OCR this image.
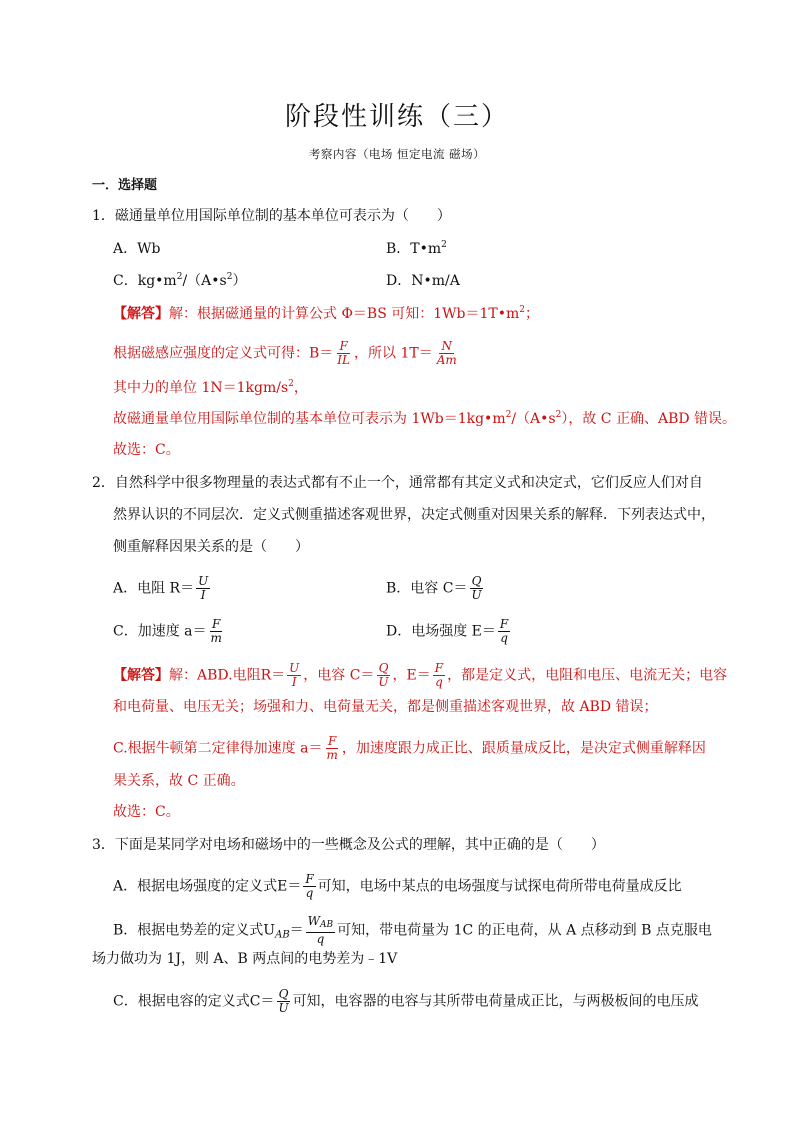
阶段性训练（三）
考察内容（电场 恒定电流 磁场）
一．选择题
1．磁通量单位用国际单位制的基本单位可表示为（　　）
A．Wb	B．$T•m^2$
C．$kg•m^2/(A•s^2)$	D．N•m/A
【解答】解：根据磁通量的计算公式 Φ＝BS 可知：$1Wb=1T•m^2$；
根据磁感应强度的定义式可得：$B= \frac{F}{IL}$ ，所以 $1T= \frac{N}{Am}$
其中力的单位 $1N=1kgm/s^2$，
故磁通量单位用国际单位制的基本单位可表示为 $1Wb=1kg•m^2/(A•s^2)$，故 C 正确、ABD 错误。
故选：C。
2．自然科学中很多物理量的表达式都有不止一个，通常都有其定义式和决定式，它们反应人们对自
然界认识的不同层次．定义式侧重描述客观世界，决定式侧重对因果关系的解释．下列表达式中，
侧重解释因果关系的是（　　）
A．电阻 $R= \frac{U}{I}$	B．电容 $C= \frac{Q}{U}$
C．加速度 $a= \frac{F}{m}$	D．电场强度 $E= \frac{F}{q}$
【解答】解：ABD.电阻$R= \frac{U}{I}$ ，电容 $C= \frac{Q}{U}$ ，$E= \frac{F}{q}$ ，都是定义式，电阻和电压、电流无关；电容
和电荷量、电压无关；场强和力、电荷量无关，都是侧重描述客观世界，故 ABD 错误；
C.根据牛顿第二定律得加速度 $a= \frac{F}{m}$ ，加速度跟力成正比、跟质量成反比，是决定式侧重解释因
果关系，故 C 正确。
故选：C。
3．下面是某同学对电场和磁场中的一些概念及公式的理解，其中正确的是（　　）
A．根据电场强度的定义式$E= \frac{F}{q}$ 可知，电场中某点的电场强度与试探电荷所带电荷量成反比
B．根据电势差的定义式$U_{AB}= \frac{W_{AB}}{q}$ 可知，带电荷量为 1C 的正电荷，从 A 点移动到 B 点克服电
场力做功为 1J，则 A、B 两点间的电势差为﹣1V
C．根据电容的定义式$C= \frac{Q}{U}$ 可知，电容器的电容与其所带电荷量成正比，与两极板间的电压成
